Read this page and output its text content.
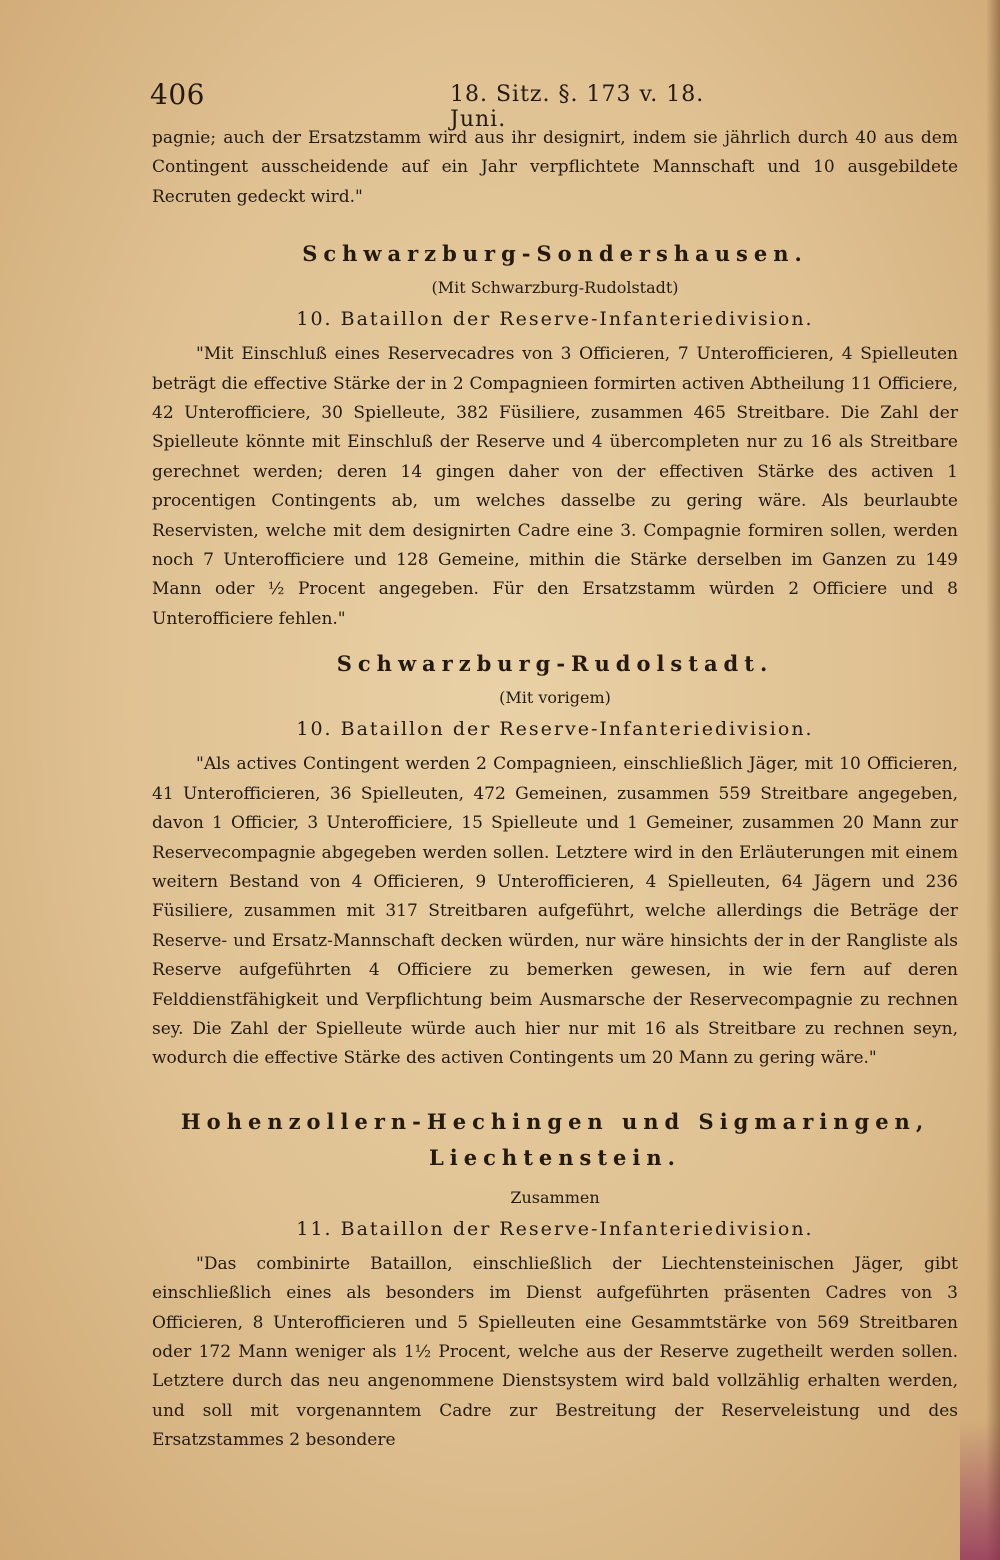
406	18. Sitz. §. 173 v. 18. Juni.

pagnie; auch der Ersatzstamm wird aus ihr designirt, indem sie jährlich durch 40 aus dem Contingent ausscheidende auf ein Jahr verpflichtete Mannschaft und 10 ausgebildete Recruten gedeckt wird."

Schwarzburg-Sondershausen.
(Mit Schwarzburg-Rudolstadt)
10. Bataillon der Reserve-Infanteriedivision.

"Mit Einschluß eines Reservecadres von 3 Officieren, 7 Unterofficieren, 4 Spielleuten beträgt die effective Stärke der in 2 Compagnieen formirten activen Abtheilung 11 Officiere, 42 Unterofficiere, 30 Spielleute, 382 Füsiliere, zusammen 465 Streitbare. Die Zahl der Spielleute könnte mit Einschluß der Reserve und 4 übercompleten nur zu 16 als Streitbare gerechnet werden; deren 14 gingen daher von der effectiven Stärke des activen 1 procentigen Contingents ab, um welches dasselbe zu gering wäre. Als beurlaubte Reservisten, welche mit dem designirten Cadre eine 3. Compagnie formiren sollen, werden noch 7 Unterofficiere und 128 Gemeine, mithin die Stärke derselben im Ganzen zu 149 Mann oder ½ Procent angegeben. Für den Ersatzstamm würden 2 Officiere und 8 Unterofficiere fehlen."

Schwarzburg-Rudolstadt.
(Mit vorigem)
10. Bataillon der Reserve-Infanteriedivision.

"Als actives Contingent werden 2 Compagnieen, einschließlich Jäger, mit 10 Officieren, 41 Unterofficieren, 36 Spielleuten, 472 Gemeinen, zusammen 559 Streitbare angegeben, davon 1 Officier, 3 Unterofficiere, 15 Spielleute und 1 Gemeiner, zusammen 20 Mann zur Reservecompagnie abgegeben werden sollen. Letztere wird in den Erläuterungen mit einem weitern Bestand von 4 Officieren, 9 Unterofficieren, 4 Spielleuten, 64 Jägern und 236 Füsiliere, zusammen mit 317 Streitbaren aufgeführt, welche allerdings die Beträge der Reserve- und Ersatz-Mannschaft decken würden, nur wäre hinsichts der in der Rangliste als Reserve aufgeführten 4 Officiere zu bemerken gewesen, in wie fern auf deren Felddienstfähigkeit und Verpflichtung beim Ausmarsche der Reservecompagnie zu rechnen sey. Die Zahl der Spielleute würde auch hier nur mit 16 als Streitbare zu rechnen seyn, wodurch die effective Stärke des activen Contingents um 20 Mann zu gering wäre."

Hohenzollern-Hechingen und Sigmaringen, Liechtenstein.
Zusammen
11. Bataillon der Reserve-Infanteriedivision.

"Das combinirte Bataillon, einschließlich der Liechtensteinischen Jäger, gibt einschließlich eines als besonders im Dienst aufgeführten präsenten Cadres von 3 Officieren, 8 Unterofficieren und 5 Spielleuten eine Gesammtstärke von 569 Streitbaren oder 172 Mann weniger als 1½ Procent, welche aus der Reserve zugetheilt werden sollen. Letztere durch das neu angenommene Dienstsystem wird bald vollzählig erhalten werden, und soll mit vorgenanntem Cadre zur Bestreitung der Reserveleistung und des Ersatzstammes 2 besondere
